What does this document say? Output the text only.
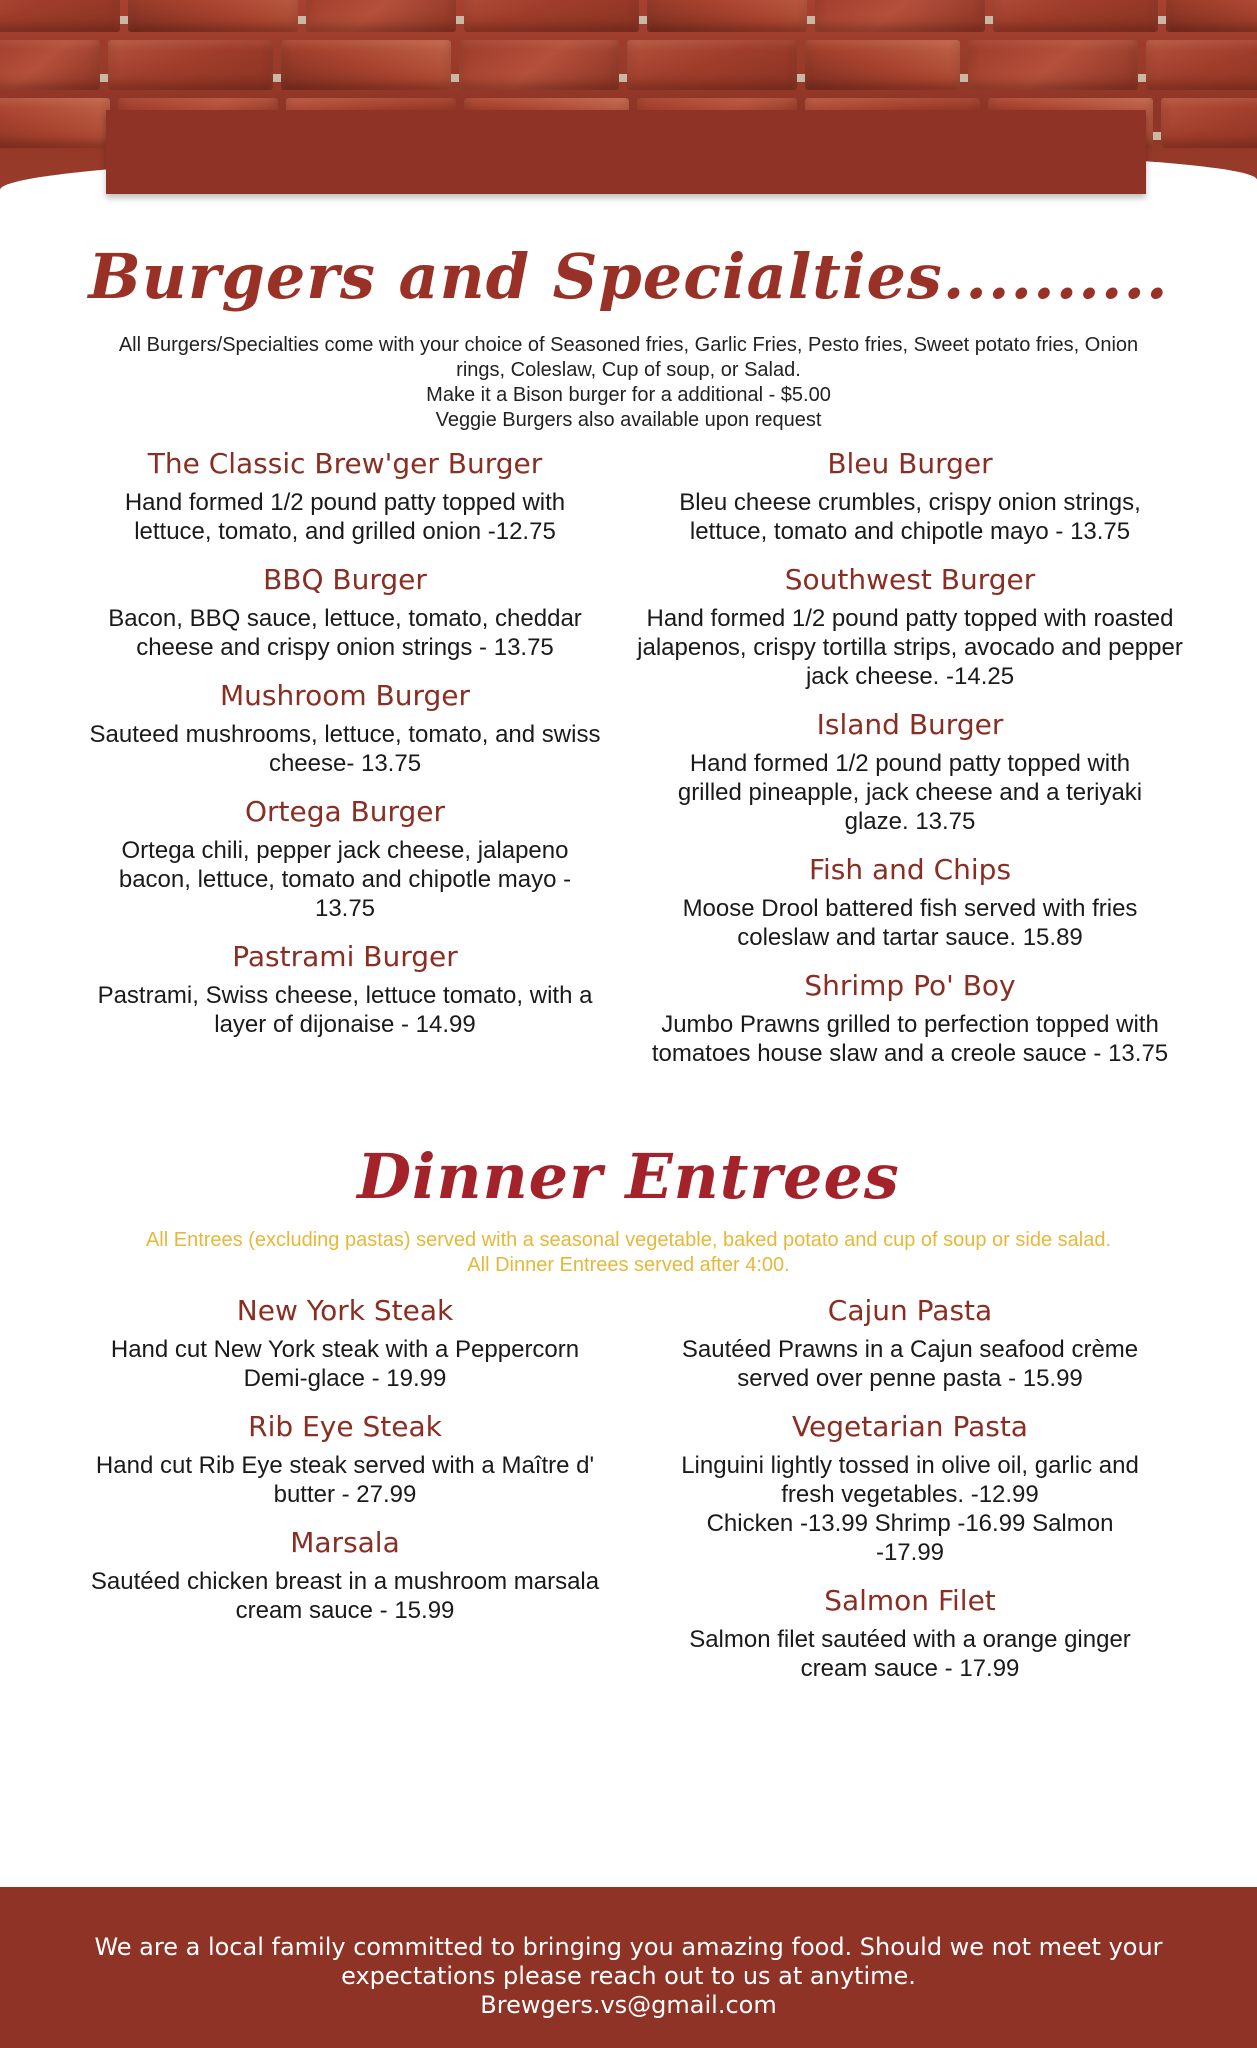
Burgers and Specialties..........

All Burgers/Specialties come with your choice of Seasoned fries, Garlic Fries, Pesto fries, Sweet potato fries, Onion

rings, Coleslaw, Cup of soup, or Salad.

Make it a Bison burger for a additional - $5.00

Veggie Burgers also available upon request

The Classic Brew'ger Burger

Hand formed 1/2 pound patty topped with lettuce, tomato, and grilled onion -12.75

BBQ Burger

Bacon, BBQ sauce, lettuce, tomato, cheddar cheese and crispy onion strings - 13.75

Mushroom Burger

Sauteed mushrooms, lettuce, tomato, and swiss cheese- 13.75

Ortega Burger

Ortega chili, pepper jack cheese, jalapeno bacon, lettuce, tomato and chipotle mayo - 13.75

Pastrami Burger

Pastrami, Swiss cheese, lettuce tomato, with a layer of dijonaise - 14.99

Bleu Burger

Bleu cheese crumbles, crispy onion strings, lettuce, tomato and chipotle mayo - 13.75

Southwest Burger

Hand formed 1/2 pound patty topped with roasted jalapenos, crispy tortilla strips, avocado and pepper jack cheese. -14.25

Island Burger

Hand formed 1/2 pound patty topped with grilled pineapple, jack cheese and a teriyaki glaze. 13.75

Fish and Chips

Moose Drool battered fish served with fries coleslaw and tartar sauce. 15.89

Shrimp Po' Boy

Jumbo Prawns grilled to perfection topped with tomatoes house slaw and a creole sauce - 13.75

Dinner Entrees

All Entrees (excluding pastas) served with a seasonal vegetable, baked potato and cup of soup or side salad.

All Dinner Entrees served after 4:00.

New York Steak

Hand cut New York steak with a Peppercorn Demi-glace - 19.99

Rib Eye Steak

Hand cut Rib Eye steak served with a Maître d' butter - 27.99

Marsala

Sautéed chicken breast in a mushroom marsala cream sauce - 15.99

Cajun Pasta

Sautéed Prawns in a Cajun seafood crème served over penne pasta - 15.99

Vegetarian Pasta

Linguini lightly tossed in olive oil, garlic and fresh vegetables. -12.99

Chicken -13.99 Shrimp -16.99 Salmon -17.99

Salmon Filet

Salmon filet sautéed with a orange ginger cream sauce - 17.99

We are a local family committed to bringing you amazing food. Should we not meet your

expectations please reach out to us at anytime.

Brewgers.vs@gmail.com
